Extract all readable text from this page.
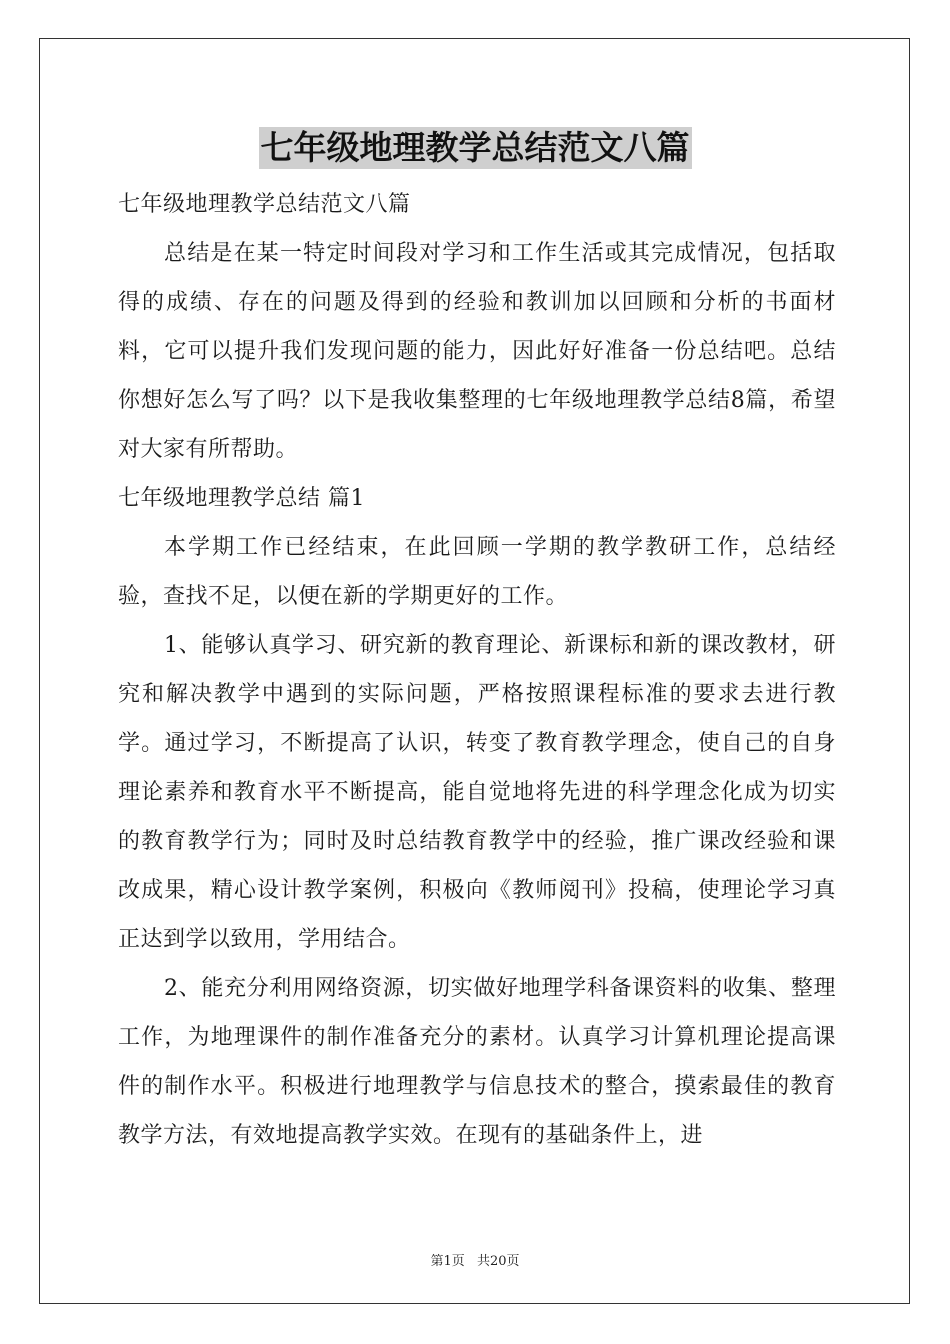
七年级地理教学总结范文八篇
七年级地理教学总结范文八篇

总结是在某一特定时间段对学习和工作生活或其完成情况，包括取得的成绩、存在的问题及得到的经验和教训加以回顾和分析的书面材料，它可以提升我们发现问题的能力，因此好好准备一份总结吧。总结你想好怎么写了吗？以下是我收集整理的七年级地理教学总结8篇，希望对大家有所帮助。

七年级地理教学总结 篇1

本学期工作已经结束，在此回顾一学期的教学教研工作，总结经验，查找不足，以便在新的学期更好的工作。

1、能够认真学习、研究新的教育理论、新课标和新的课改教材，研究和解决教学中遇到的实际问题，严格按照课程标准的要求去进行教学。通过学习，不断提高了认识，转变了教育教学理念，使自己的自身理论素养和教育水平不断提高，能自觉地将先进的科学理念化成为切实的教育教学行为；同时及时总结教育教学中的经验，推广课改经验和课改成果，精心设计教学案例，积极向《教师阅刊》投稿，使理论学习真正达到学以致用，学用结合。

2、能充分利用网络资源，切实做好地理学科备课资料的收集、整理工作，为地理课件的制作准备充分的素材。认真学习计算机理论提高课件的制作水平。积极进行地理教学与信息技术的整合，摸索最佳的教育教学方法，有效地提高教学实效。在现有的基础条件上，进

第1页 共20页
